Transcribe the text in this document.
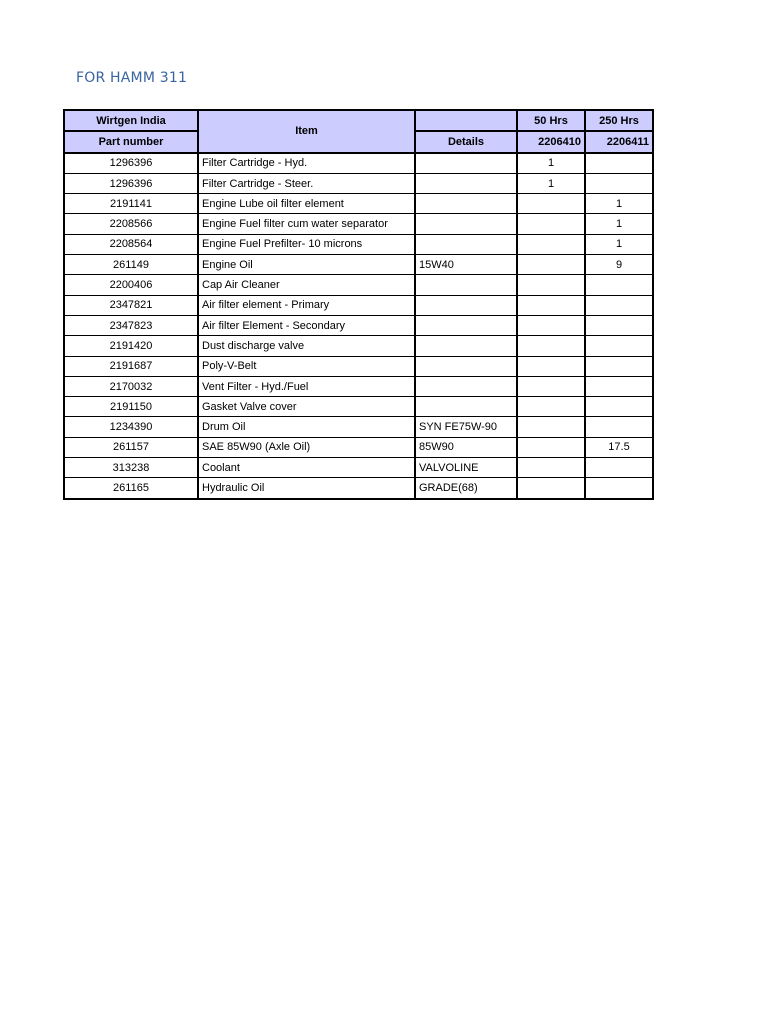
FOR HAMM 311
Wirtgen India	Item		50 Hrs	250 Hrs
Part number		Details	2206410	2206411
1296396	Filter Cartridge - Hyd.		1	
1296396	Filter Cartridge - Steer.		1	
2191141	Engine Lube oil filter element			1
2208566	Engine Fuel filter cum water separator			1
2208564	Engine Fuel Prefilter- 10 microns			1
261149	Engine Oil	15W40		9
2200406	Cap Air Cleaner			
2347821	Air filter element - Primary			
2347823	Air filter Element - Secondary			
2191420	Dust discharge valve			
2191687	Poly-V-Belt			
2170032	Vent Filter - Hyd./Fuel			
2191150	Gasket Valve cover			
1234390	Drum Oil	SYN FE75W-90		
261157	SAE 85W90 (Axle Oil)	85W90		17.5
313238	Coolant	VALVOLINE		
261165	Hydraulic Oil	GRADE(68)		
